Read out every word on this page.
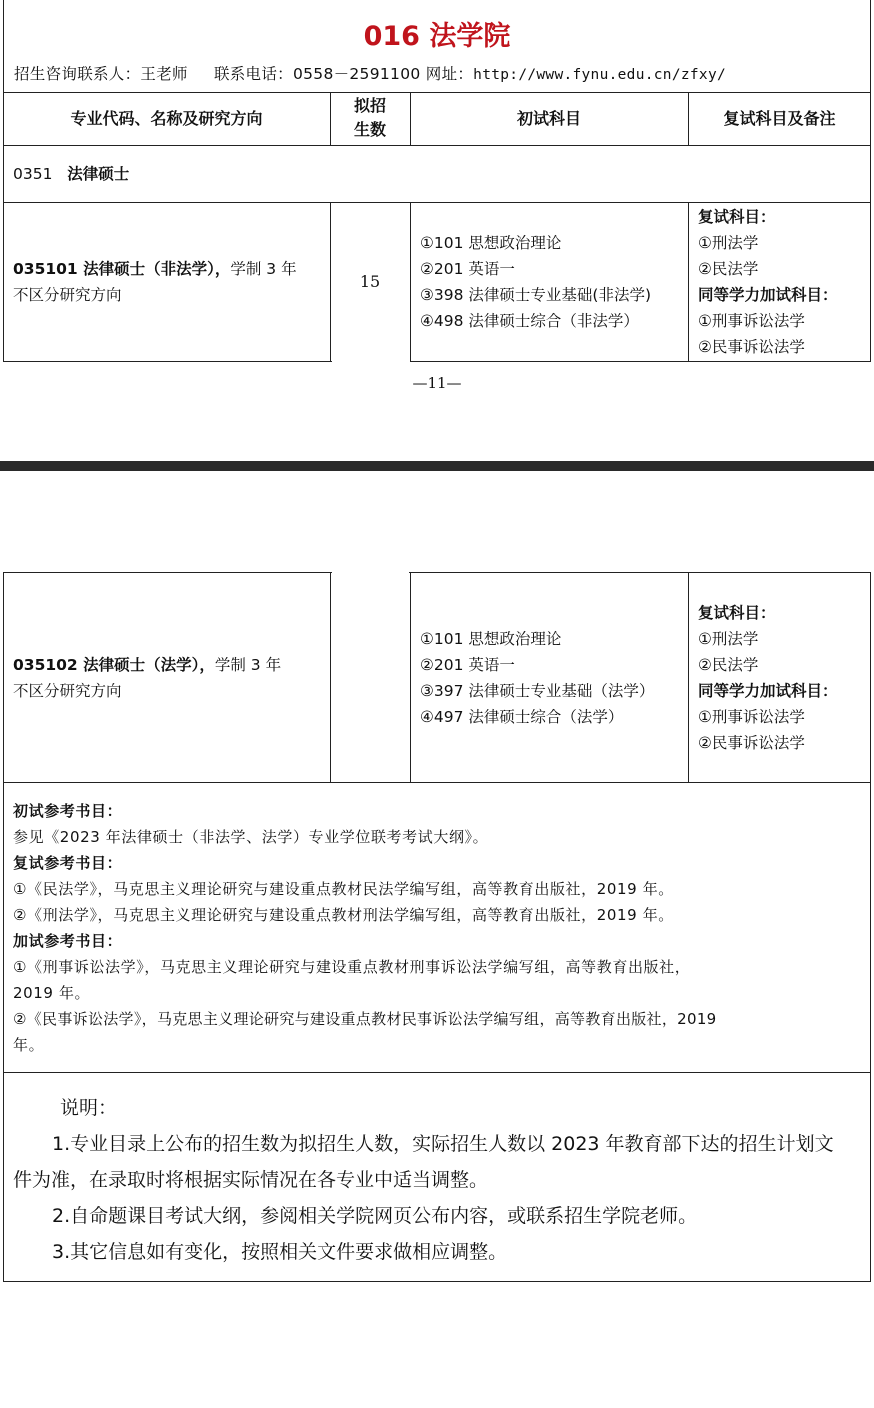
016 法学院
招生咨询联系人：王老师 联系电话：0558－2591100 网址：http://www.fynu.edu.cn/zfxy/
专业代码、名称及研究方向
拟招
生数
初试科目	复试科目及备注
0351 法律硕士
035101 法律硕士（非法学），学制 3 年
不区分研究方向
15
①101 思想政治理论
②201 英语一
③398 法律硕士专业基础(非法学)
④498 法律硕士综合（非法学）
复试科目：
①刑法学
②民法学
同等学力加试科目：
①刑事诉讼法学
②民事诉讼法学
—11—
035102 法律硕士（法学），学制 3 年
不区分研究方向
①101 思想政治理论
②201 英语一
③397 法律硕士专业基础（法学）
④497 法律硕士综合（法学）
复试科目：
①刑法学
②民法学
同等学力加试科目：
①刑事诉讼法学
②民事诉讼法学
初试参考书目：
参见《2023 年法律硕士（非法学、法学）专业学位联考考试大纲》。
复试参考书目：
①《民法学》，马克思主义理论研究与建设重点教材民法学编写组，高等教育出版社，2019 年。
②《刑法学》，马克思主义理论研究与建设重点教材刑法学编写组，高等教育出版社，2019 年。
加试参考书目：
①《刑事诉讼法学》，马克思主义理论研究与建设重点教材刑事诉讼法学编写组，高等教育出版社，
2019 年。
②《民事诉讼法学》，马克思主义理论研究与建设重点教材民事诉讼法学编写组，高等教育出版社，2019
年。
说明：
1.专业目录上公布的招生数为拟招生人数，实际招生人数以 2023 年教育部下达的招生计划文
件为准，在录取时将根据实际情况在各专业中适当调整。
2.自命题课目考试大纲，参阅相关学院网页公布内容，或联系招生学院老师。
3.其它信息如有变化，按照相关文件要求做相应调整。
